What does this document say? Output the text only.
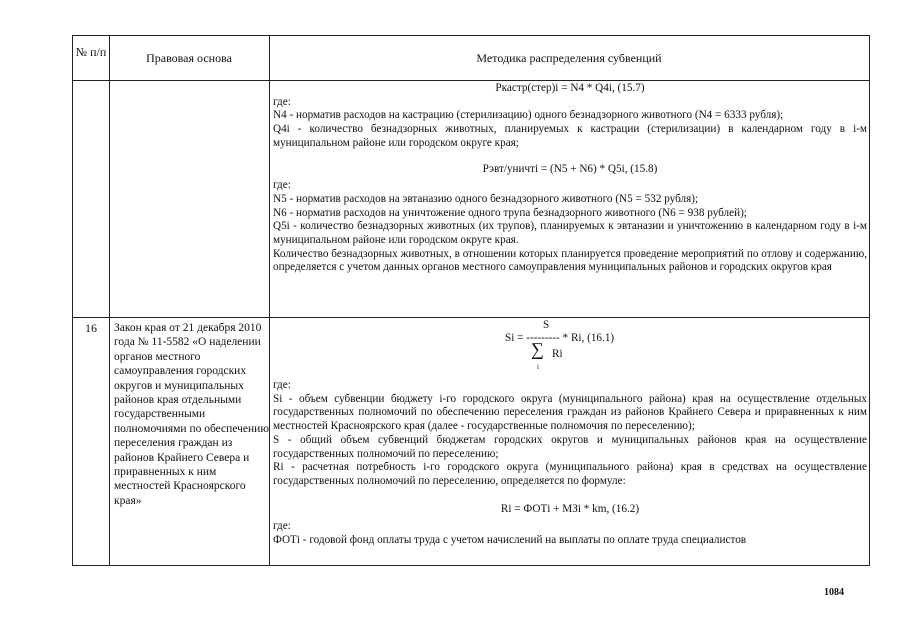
№ п/п	Правовая основа	Методика распределения субвенций

Ркастр(стер)i = N4 * Q4i, (15.7)

где:

N4 - норматив расходов на кастрацию (стерилизацию) одного безнадзорного животного (N4 = 6333 рубля);

Q4i - количество безнадзорных животных, планируемых к кастрации (стерилизации) в календарном году в i-м муниципальном районе или городском округе края;

Рэвт/уничтi = (N5 + N6) * Q5i, (15.8)

где:

N5 - норматив расходов на эвтаназию одного безнадзорного животного (N5 = 532 рубля);

N6 - норматив расходов на уничтожение одного трупа безнадзорного животного (N6 = 938 рублей);

Q5i - количество безнадзорных животных (их трупов), планируемых к эвтаназии и уничтожению в календарном году в i-м муниципальном районе или городском округе края.

Количество безнадзорных животных, в отношении которых планируется проведение мероприятий по отлову и содержанию, определяется с учетом данных органов местного самоуправления муниципальных районов и городских округов края

16	Закон края от 21 декабря 2010 года № 11-5582 «О наделении органов местного самоуправления городских округов и муниципальных районов края отдельными государственными полномочиями по обеспечению переселения граждан из районов Крайнего Севера и приравненных к ним местностей Красноярского края»
S
Si = --------- * Ri, (16.1)
∑ Ri
i

где:

Si - объем субвенции бюджету i-го городского округа (муниципального района) края на осуществление отдельных государственных полномочий по обеспечению переселения граждан из районов Крайнего Севера и приравненных к ним местностей Красноярского края (далее - государственные полномочия по переселению);

S - общий объем субвенций бюджетам городских округов и муниципальных районов края на осуществление государственных полномочий по переселению;

Ri - расчетная потребность i-го городского округа (муниципального района) края в средствах на осуществление государственных полномочий по переселению, определяется по формуле:

Ri = ФОТi + МЗi * km, (16.2)

где:

ФОТi - годовой фонд оплаты труда с учетом начислений на выплаты по оплате труда специалистов

1084
